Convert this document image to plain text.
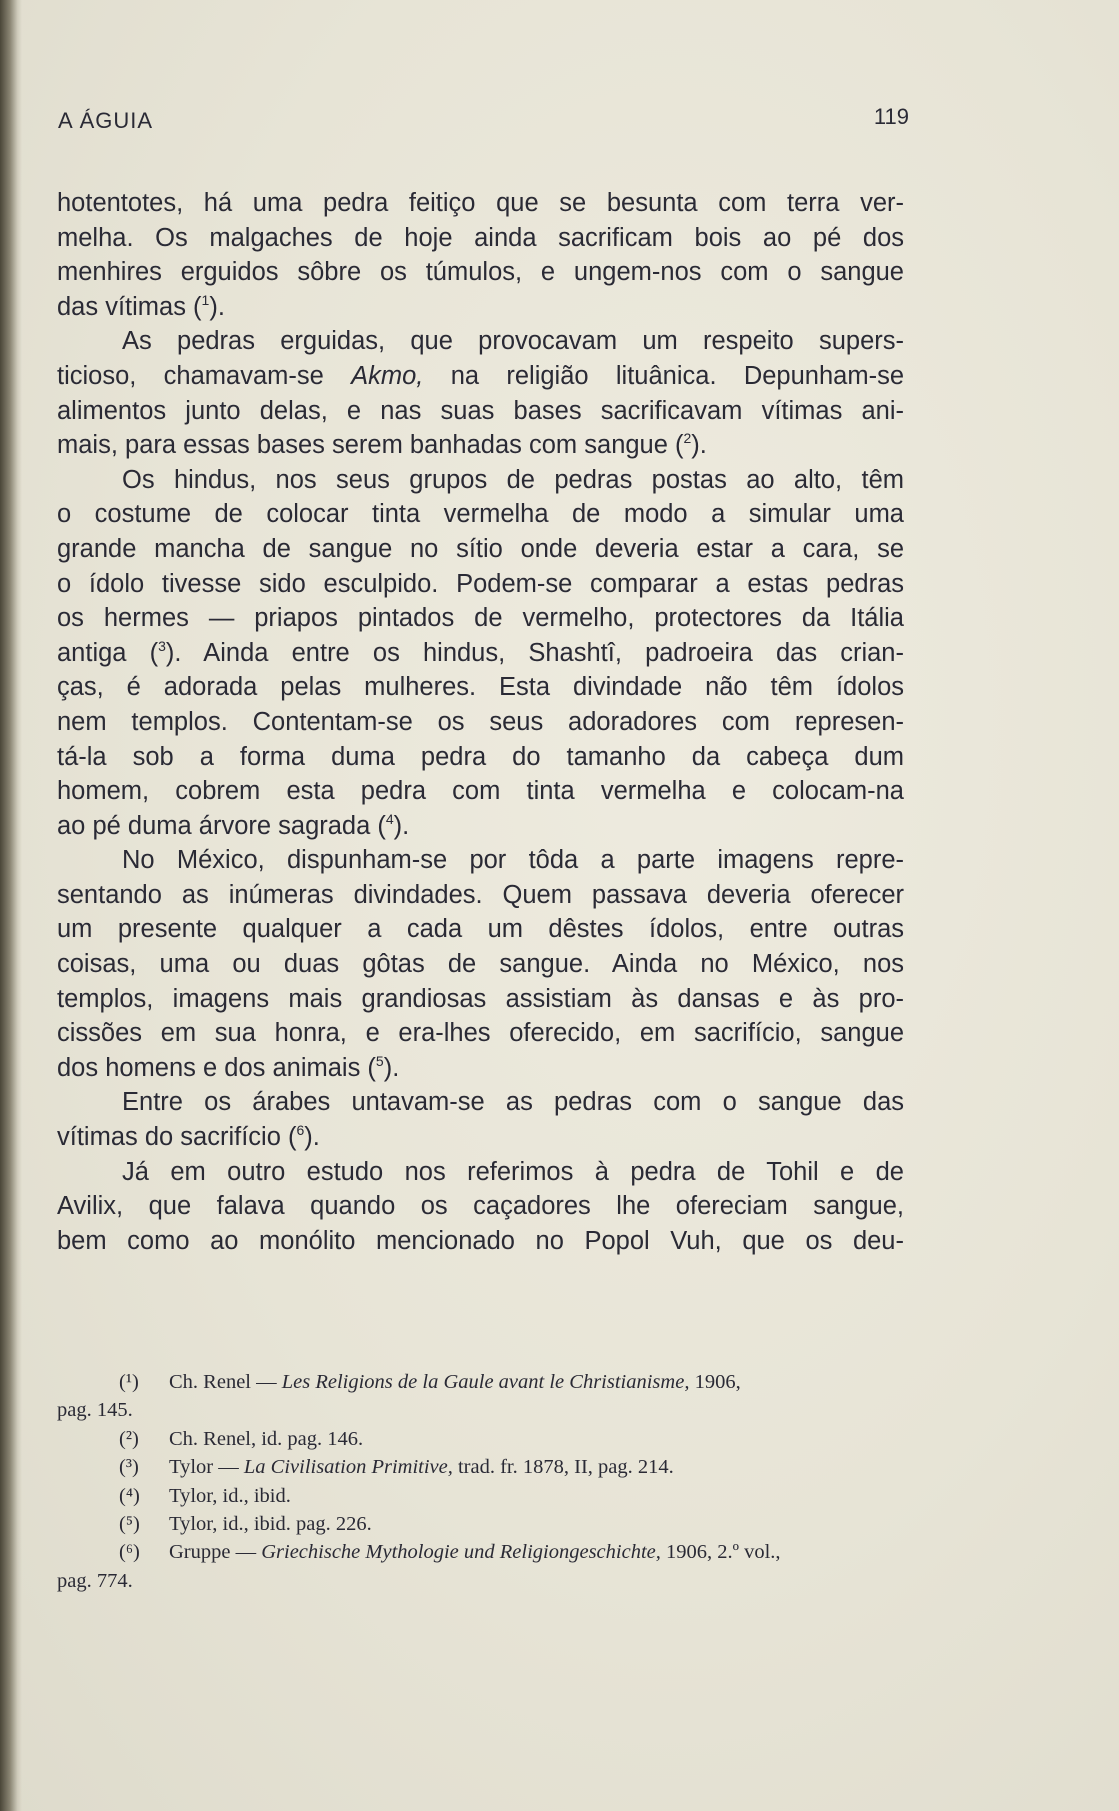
A ÁGUIA	119
hotentotes, há uma pedra feitiço que se besunta com terra ver-
melha. Os malgaches de hoje ainda sacrificam bois ao pé dos
menhires erguidos sôbre os túmulos, e ungem-nos com o sangue
das vítimas ($^1$).
As pedras erguidas, que provocavam um respeito supers-
ticioso, chamavam-se Akmo, na religião lituânica. Depunham-se
alimentos junto delas, e nas suas bases sacrificavam vítimas ani-
mais, para essas bases serem banhadas com sangue ($^2$).
Os hindus, nos seus grupos de pedras postas ao alto, têm
o costume de colocar tinta vermelha de modo a simular uma
grande mancha de sangue no sítio onde deveria estar a cara, se
o ídolo tivesse sido esculpido. Podem-se comparar a estas pedras
os hermes — priapos pintados de vermelho, protectores da Itália
antiga ($^3$). Ainda entre os hindus, Shashtî, padroeira das crian-
ças, é adorada pelas mulheres. Esta divindade não têm ídolos
nem templos. Contentam-se os seus adoradores com represen-
tá-la sob a forma duma pedra do tamanho da cabeça dum
homem, cobrem esta pedra com tinta vermelha e colocam-na
ao pé duma árvore sagrada ($^4$).
No México, dispunham-se por tôda a parte imagens repre-
sentando as inúmeras divindades. Quem passava deveria oferecer
um presente qualquer a cada um dêstes ídolos, entre outras
coisas, uma ou duas gôtas de sangue. Ainda no México, nos
templos, imagens mais grandiosas assistiam às dansas e às pro-
cissões em sua honra, e era-lhes oferecido, em sacrifício, sangue
dos homens e dos animais ($^5$).
Entre os árabes untavam-se as pedras com o sangue das
vítimas do sacrifício ($^6$).
Já em outro estudo nos referimos à pedra de Tohil e de
Avilix, que falava quando os caçadores lhe ofereciam sangue,
bem como ao monólito mencionado no Popol Vuh, que os deu-
(¹) Ch. Renel — Les Religions de la Gaule avant le Christianisme, 1906,
pag. 145.
(²) Ch. Renel, id. pag. 146.
(³) Tylor — La Civilisation Primitive, trad. fr. 1878, II, pag. 214.
(⁴) Tylor, id., ibid.
(⁵) Tylor, id., ibid. pag. 226.
(⁶) Gruppe — Griechische Mythologie und Religiongeschichte, 1906, 2.º vol.,
pag. 774.
